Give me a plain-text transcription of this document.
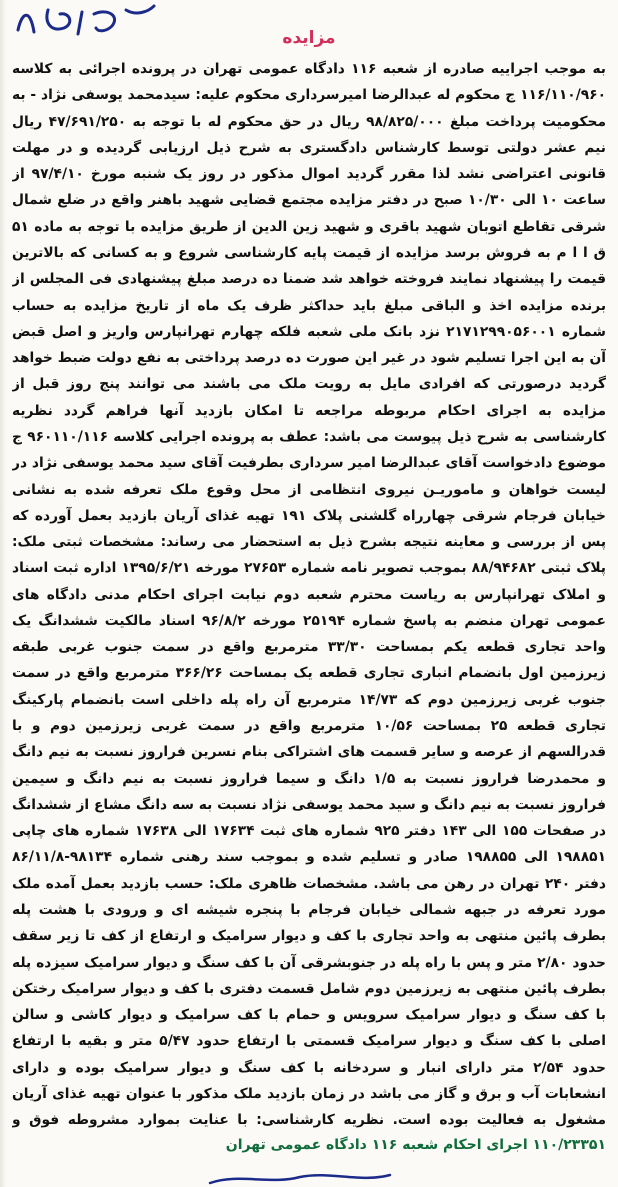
مزایده
به موجب اجراییه صادره از شعبه ۱۱۶ دادگاه عمومی تهران در پرونده اجرائی به کلاسه ۱۱۶/۱۱۰/۹۶۰ ج محکوم له عبدالرضا امیرسرداری محکوم علیه: سیدمحمد یوسفی نژاد - به محکومیت پرداخت مبلغ ۹۸/۸۲۵/۰۰۰ ریال در حق محکوم له با توجه به ۴۷/۶۹۱/۲۵۰ ریال نیم عشر دولتی توسط کارشناس دادگستری به شرح ذیل ارزیابی گردیده و در مهلت قانونی اعتراضی نشد لذا مقرر گردید اموال مذکور در روز یک شنبه مورخ ۹۷/۴/۱۰ از ساعت ۱۰ الی ۱۰/۳۰ صبح در دفتر مزایده مجتمع قضایی شهید باهنر واقع در ضلع شمال شرقی تقاطع اتوبان شهید باقری و شهید زین الدین از طریق مزایده با توجه به ماده ۵۱ ق ا ا م به فروش برسد مزایده از قیمت پایه کارشناسی شروع و به کسانی که بالاترین قیمت را پیشنهاد نمایند فروخته خواهد شد ضمنا ده درصد مبلغ پیشنهادی فی المجلس از برنده مزایده اخذ و الباقی مبلغ باید حداکثر ظرف یک ماه از تاریخ مزایده به حساب شماره ۲۱۷۱۲۹۹۰۵۶۰۰۱ نزد بانک ملی شعبه فلکه چهارم تهرانپارس واریز و اصل قبض آن به این اجرا تسلیم شود در غیر این صورت ده درصد پرداختی به نفع دولت ضبط خواهد گردید درصورتی که افرادی مایل به رویت ملک می باشند می توانند پنج روز قبل از مزایده به اجرای احکام مربوطه مراجعه تا امکان بازدید آنها فراهم گردد نظریه کارشناسی به شرح ذیل پیوست می باشد: عطف به پرونده اجرایی کلاسه ۹۶۰۱۱۰/۱۱۶ ج موضوع دادخواست آقای عبدالرضا امیر سرداری بطرفیت آقای سید محمد یوسفی نژاد در لیست خواهان و ماموریـن نیروی انتظامی از محل وقوع ملک تعرفه شده به نشانی خیابان فرجام شرقی چهارراه گلشنی پلاک ۱۹۱ تهیه غذای آریان بازدید بعمل آورده که پس از بررسی و معاینه نتیجه بشرح ذیل به استحضار می رساند: مشخصات ثبتی ملک: پلاک ثبتی ۸۸/۹۴۶۸۲ بموجب تصویر نامه شماره ۲۷۶۵۳ مورخه ۱۳۹۵/۶/۲۱ اداره ثبت اسناد و املاک تهرانپارس به ریاست محترم شعبه دوم نیابت اجرای احکام مدنی دادگاه های عمومی تهران منضم به پاسخ شماره ۲۵۱۹۴ مورخه ۹۶/۸/۲ اسناد مالکیت ششدانگ یک واحد تجاری قطعه یکم بمساحت ۳۳/۳۰ مترمربع واقع در سمت جنوب غربی طبقه زیرزمین اول بانضمام انباری تجاری قطعه یک بمساحت ۳۶۶/۲۶ مترمربع واقع در سمت جنوب غربی زیرزمین دوم که ۱۴/۷۳ مترمربع آن راه پله داخلی است بانضمام پارکینگ تجاری قطعه ۲۵ بمساحت ۱۰/۵۶ مترمربع واقع در سمت غربی زیرزمین دوم و با قدرالسهم از عرصه و سایر قسمت های اشتراکی بنام نسرین فراروز نسبت به نیم دانگ و محمدرضا فراروز نسبت به ۱/۵ دانگ و سیما فراروز نسبت به نیم دانگ و سیمین فراروز نسبت به نیم دانگ و سید محمد یوسفی نژاد نسبت به سه دانگ مشاع از ششدانگ در صفحات ۱۵۵ الی ۱۴۳ دفتر ۹۲۵ شماره های ثبت ۱۷۶۳۴ الی ۱۷۶۳۸ شماره های چاپی ۱۹۸۸۵۱ الی ۱۹۸۸۵۵ صادر و تسلیم شده و بموجب سند رهنی شماره ۹۸۱۳۴-۸۶/۱۱/۸ دفتر ۲۴۰ تهران در رهن می باشد. مشخصات ظاهری ملک: حسب بازدید بعمل آمده ملک مورد تعرفه در جبهه شمالی خیابان فرجام با پنجره شیشه ای و ورودی با هشت پله بطرف پائین منتهی به واحد تجاری با کف و دیوار سرامیک و ارتفاع از کف تا زیر سقف حدود ۲/۸۰ متر و پس با راه پله در جنوبشرقی آن با کف سنگ و دیوار سرامیک سیزده پله بطرف پائین منتهی به زیرزمین دوم شامل قسمت دفتری با کف و دیوار سرامیک رختکن با کف سنگ و دیوار سرامیک سرویس و حمام با کف سرامیک و دیوار کاشی و سالن اصلی با کف سنگ و دیوار سرامیک قسمتی با ارتفاع حدود ۵/۴۷ متر و بقیه با ارتفاع حدود ۲/۵۴ متر دارای انبار و سردخانه با کف سنگ و دیوار سرامیک بوده و دارای انشعابات آب و برق و گاز می باشد در زمان بازدید ملک مذکور با عنوان تهیه غذای آریان مشغول به فعالیت بوده است. نظریه کارشناسی: با عنایت بموارد مشروطه فوق و
۱۱۰/۲۳۳۵۱ اجرای احکام شعبه ۱۱۶ دادگاه عمومی تهران
